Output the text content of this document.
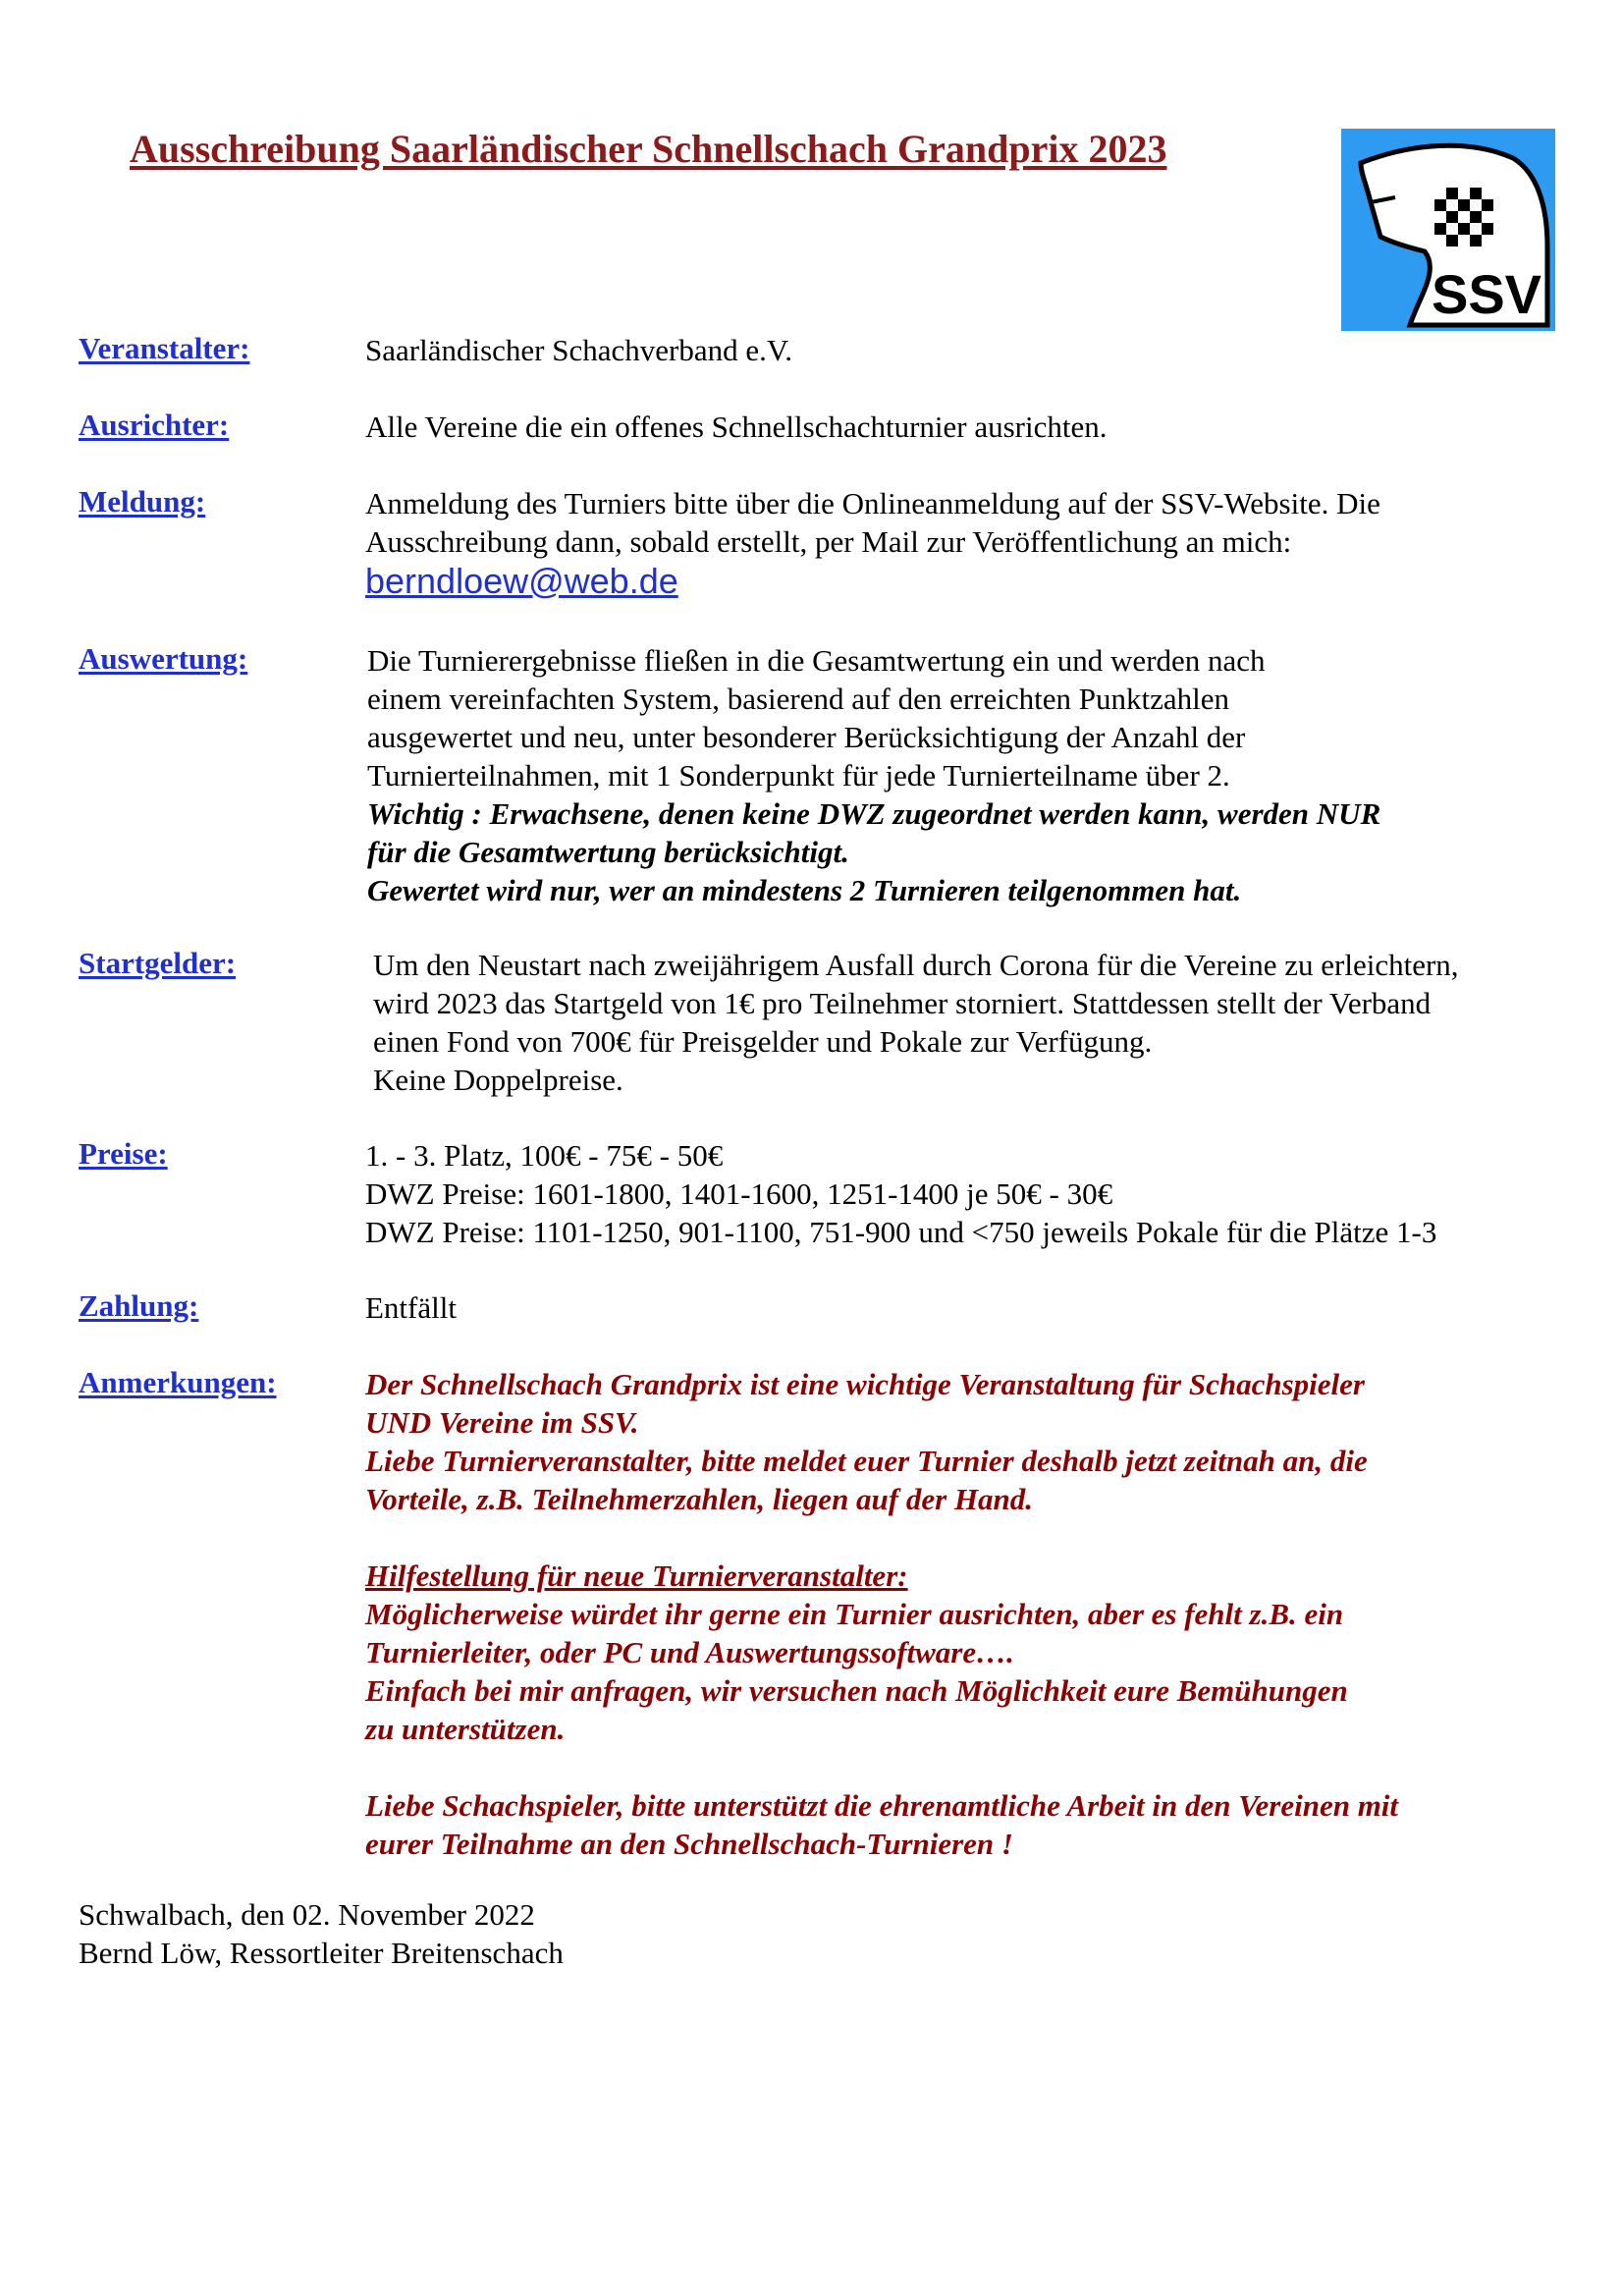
Ausschreibung Saarländischer Schnellschach Grandprix 2023
SSV
Veranstalter:	Saarländischer Schachverband e.V.
Ausrichter:	Alle Vereine die ein offenes Schnellschachturnier ausrichten.
Meldung:	Anmeldung des Turniers bitte über die Onlineanmeldung auf der SSV-Website. Die
Ausschreibung dann, sobald erstellt, per Mail zur Veröffentlichung an mich:
berndloew@web.de
Auswertung:	Die Turnierergebnisse fließen in die Gesamtwertung ein und werden nach
einem vereinfachten System, basierend auf den erreichten Punktzahlen
ausgewertet und neu, unter besonderer Berücksichtigung der Anzahl der
Turnierteilnahmen, mit 1 Sonderpunkt für jede Turnierteilname über 2.
Wichtig : Erwachsene, denen keine DWZ zugeordnet werden kann, werden NUR
für die Gesamtwertung berücksichtigt.
Gewertet wird nur, wer an mindestens 2 Turnieren teilgenommen hat.
Startgelder:	Um den Neustart nach zweijährigem Ausfall durch Corona für die Vereine zu erleichtern,
wird 2023 das Startgeld von 1€ pro Teilnehmer storniert. Stattdessen stellt der Verband
einen Fond von 700€ für Preisgelder und Pokale zur Verfügung.
Keine Doppelpreise.
Preise:	1. - 3. Platz, 100€ - 75€ - 50€
DWZ Preise: 1601-1800, 1401-1600, 1251-1400 je 50€ - 30€
DWZ Preise: 1101-1250, 901-1100, 751-900 und <750 jeweils Pokale für die Plätze 1-3
Zahlung:	Entfällt
Anmerkungen:	Der Schnellschach Grandprix ist eine wichtige Veranstaltung für Schachspieler
UND Vereine im SSV.
Liebe Turnierveranstalter, bitte meldet euer Turnier deshalb jetzt zeitnah an, die
Vorteile, z.B. Teilnehmerzahlen, liegen auf der Hand.
Hilfestellung für neue Turnierveranstalter:
Möglicherweise würdet ihr gerne ein Turnier ausrichten, aber es fehlt z.B. ein
Turnierleiter, oder PC und Auswertungssoftware….
Einfach bei mir anfragen, wir versuchen nach Möglichkeit eure Bemühungen
zu unterstützen.
Liebe Schachspieler, bitte unterstützt die ehrenamtliche Arbeit in den Vereinen mit
eurer Teilnahme an den Schnellschach-Turnieren !
Schwalbach, den 02. November 2022
Bernd Löw, Ressortleiter Breitenschach
